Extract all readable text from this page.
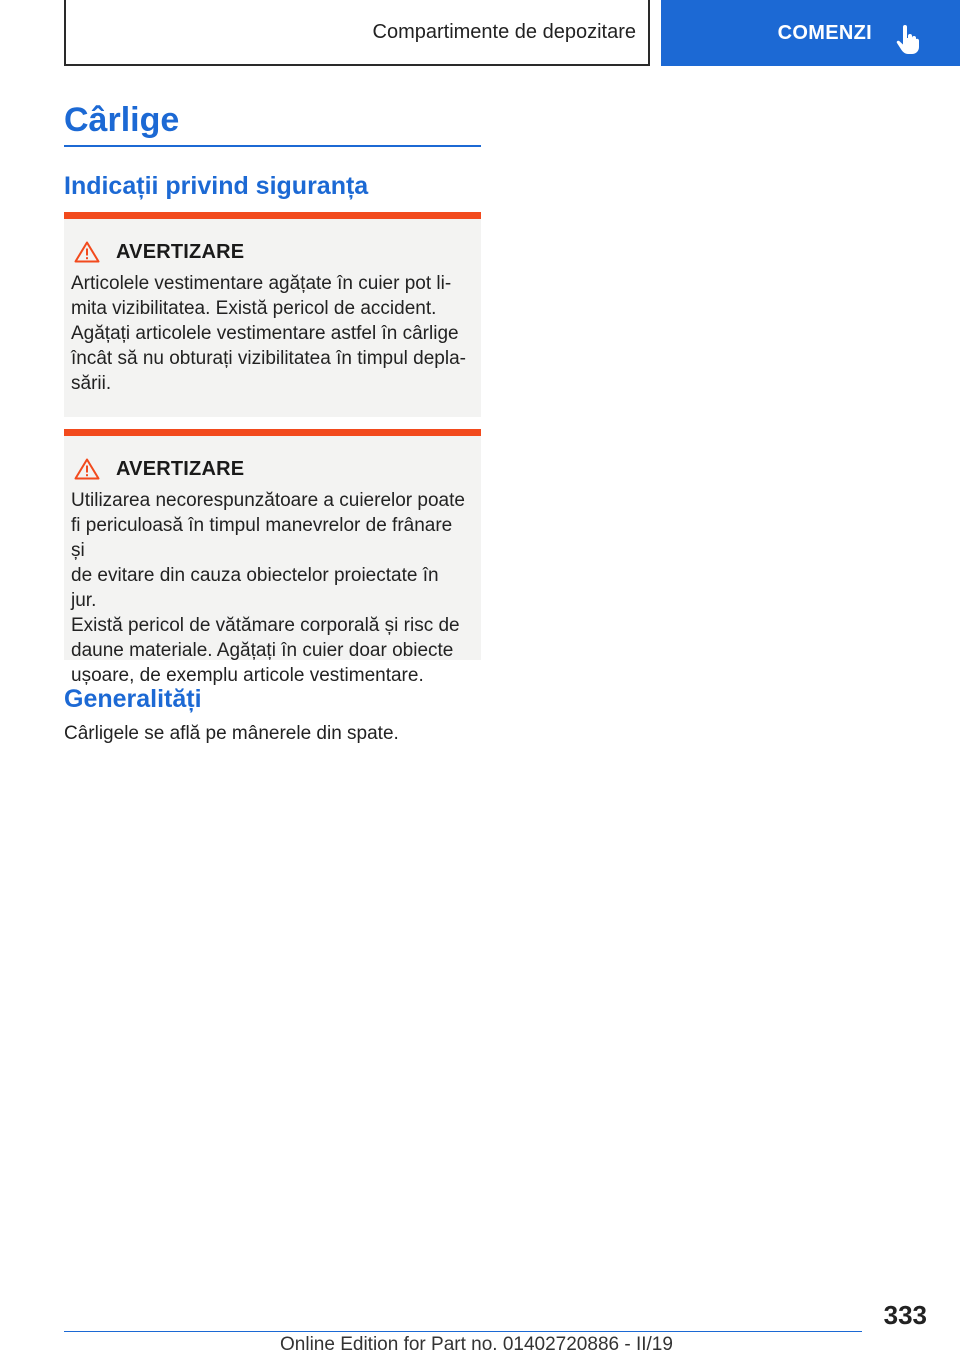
Compartimente de depozitare	COMENZI
Cârlige
Indicații privind siguranța
AVERTIZARE
Articolele vestimentare agățate în cuier pot li-
mita vizibilitatea. Există pericol de accident.
Agățați articolele vestimentare astfel în cârlige
încât să nu obturați vizibilitatea în timpul depla-
sării.
AVERTIZARE
Utilizarea necorespunzătoare a cuierelor poate
fi periculoasă în timpul manevrelor de frânare și
de evitare din cauza obiectelor proiectate în jur.
Există pericol de vătămare corporală și risc de
daune materiale. Agățați în cuier doar obiecte
ușoare, de exemplu articole vestimentare.
Generalități
Cârligele se află pe mânerele din spate.
333
Online Edition for Part no. 01402720886 - II/19
